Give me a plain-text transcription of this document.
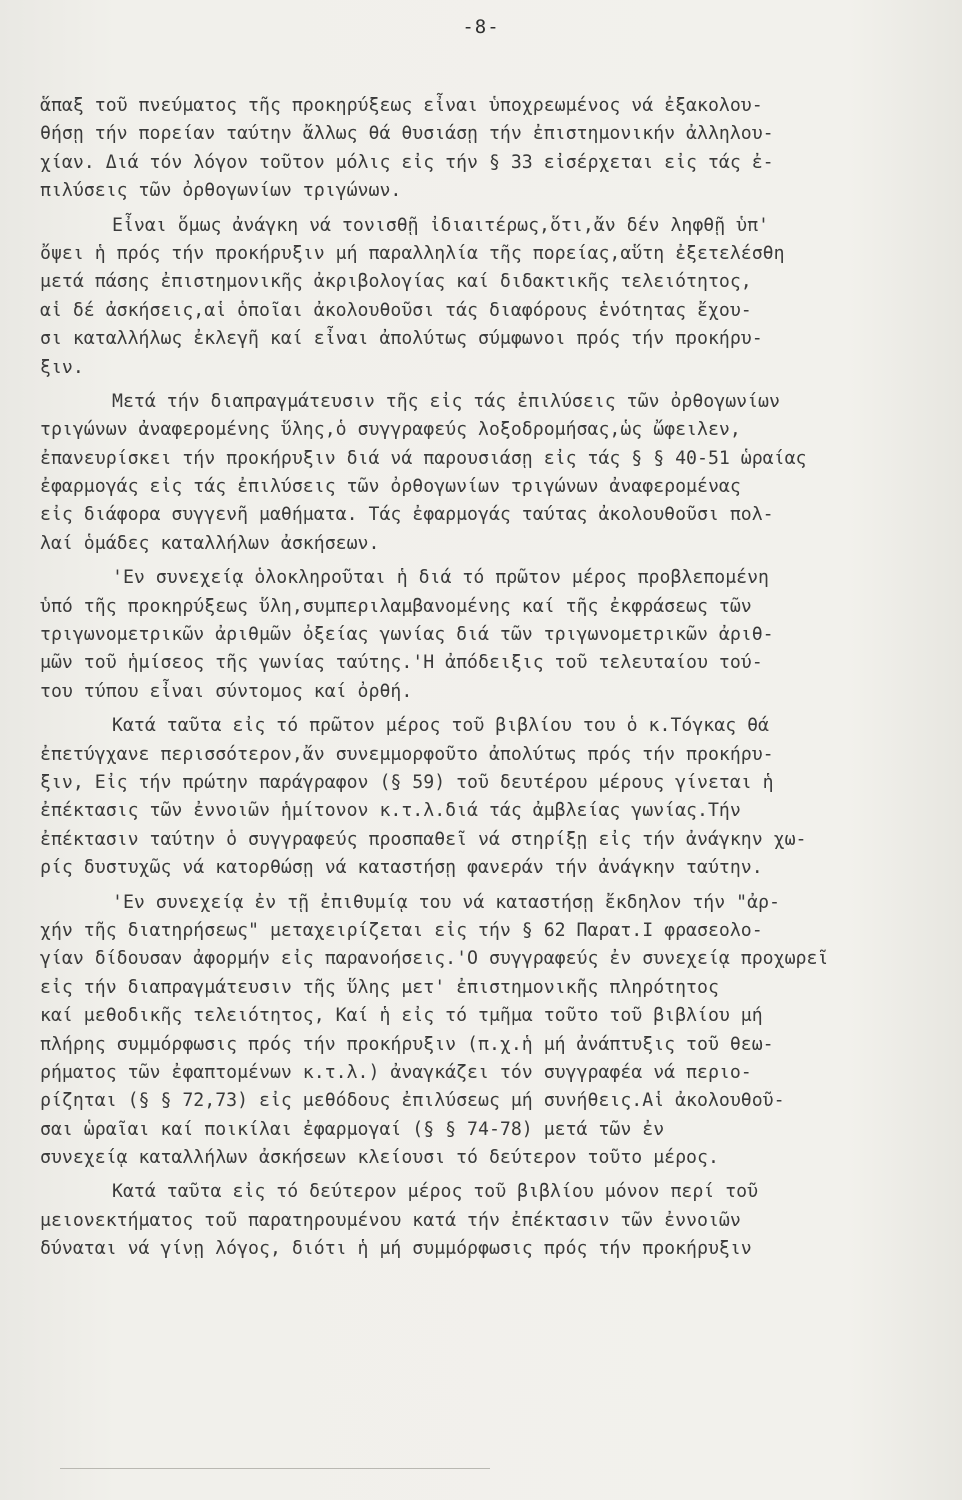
-8-
ἅπαξ τοῦ πνεύματος τῆς προκηρύξεως εἶναι ὑποχρεωμένος νά ἐξακολου-
θήσῃ τήν πορείαν ταύτην ἄλλως θά θυσιάσῃ τήν ἐπιστημονικήν ἀλληλου-
χίαν. Διά τόν λόγον τοῦτον μόλις εἰς τήν § 33 εἰσέρχεται εἰς τάς ἐ-
πιλύσεις τῶν ὀρθογωνίων τριγώνων.
Εἶναι ὅμως ἀνάγκη νά τονισθῇ ἰδιαιτέρως,ὅτι,ἄν δέν ληφθῇ ὑπ'
ὄψει ἡ πρός τήν προκήρυξιν μή παραλληλία τῆς πορείας,αὕτη ἐξετελέσθη
μετά πάσης ἐπιστημονικῆς ἀκριβολογίας καί διδακτικῆς τελειότητος,
αἱ δέ ἀσκήσεις,αἱ ὁποῖαι ἀκολουθοῦσι τάς διαφόρους ἑνότητας ἔχου-
σι καταλλήλως ἐκλεγῆ καί εἶναι ἀπολύτως σύμφωνοι πρός τήν προκήρυ-
ξιν.
Μετά τήν διαπραγμάτευσιν τῆς εἰς τάς ἐπιλύσεις τῶν ὀρθογωνίων
τριγώνων ἀναφερομένης ὕλης,ὁ συγγραφεύς λοξοδρομήσας,ὡς ὤφειλεν,
ἐπανευρίσκει τήν προκήρυξιν διά νά παρουσιάσῃ εἰς τάς § § 40-51 ὡραίας
ἐφαρμογάς εἰς τάς ἐπιλύσεις τῶν ὀρθογωνίων τριγώνων ἀναφερομένας
εἰς διάφορα συγγενῆ μαθήματα. Τάς ἐφαρμογάς ταύτας ἀκολουθοῦσι πολ-
λαί ὁμάδες καταλλήλων ἀσκήσεων.
'Εν συνεχείᾳ ὁλοκληροῦται ἡ διά τό πρῶτον μέρος προβλεπομένη
ὑπό τῆς προκηρύξεως ὕλη,συμπεριλαμβανομένης καί τῆς ἐκφράσεως τῶν
τριγωνομετρικῶν ἀριθμῶν ὀξείας γωνίας διά τῶν τριγωνομετρικῶν ἀριθ-
μῶν τοῦ ἡμίσεος τῆς γωνίας ταύτης.'Η ἀπόδειξις τοῦ τελευταίου τού-
του τύπου εἶναι σύντομος καί ὀρθή.
Κατά ταῦτα εἰς τό πρῶτον μέρος τοῦ βιβλίου του ὁ κ.Τόγκας θά
ἐπετύγχανε περισσότερον,ἄν συνεμμορφοῦτο ἀπολύτως πρός τήν προκήρυ-
ξιν, Εἰς τήν πρώτην παράγραφον (§ 59) τοῦ δευτέρου μέρους γίνεται ἡ
ἐπέκτασις τῶν ἐννοιῶν ἡμίτονον κ.τ.λ.διά τάς ἀμβλείας γωνίας.Τήν
ἐπέκτασιν ταύτην ὁ συγγραφεύς προσπαθεῖ νά στηρίξῃ εἰς τήν ἀνάγκην χω-
ρίς δυστυχῶς νά κατορθώσῃ νά καταστήσῃ φανεράν τήν ἀνάγκην ταύτην.
'Εν συνεχείᾳ ἐν τῇ ἐπιθυμίᾳ του νά καταστήσῃ ἔκδηλον τήν "ἀρ-
χήν τῆς διατηρήσεως" μεταχειρίζεται εἰς τήν § 62 Παρατ.Ι φρασεολο-
γίαν δίδουσαν ἀφορμήν εἰς παρανοήσεις.'Ο συγγραφεύς ἐν συνεχείᾳ προχωρεῖ
εἰς τήν διαπραγμάτευσιν τῆς ὕλης μετ' ἐπιστημονικῆς πληρότητος
καί μεθοδικῆς τελειότητος, Καί ἡ εἰς τό τμῆμα τοῦτο τοῦ βιβλίου μή
πλήρης συμμόρφωσις πρός τήν προκήρυξιν (π.χ.ἡ μή ἀνάπτυξις τοῦ θεω-
ρήματος τῶν ἐφαπτομένων κ.τ.λ.) ἀναγκάζει τόν συγγραφέα νά περιο-
ρίζηται (§ § 72,73) εἰς μεθόδους ἐπιλύσεως μή συνήθεις.Αἱ ἀκολουθοῦ-
σαι ὡραῖαι καί ποικίλαι ἐφαρμογαί (§ § 74-78) μετά τῶν ἐν
συνεχείᾳ καταλλήλων ἀσκήσεων κλείουσι τό δεύτερον τοῦτο μέρος.
Κατά ταῦτα εἰς τό δεύτερον μέρος τοῦ βιβλίου μόνον περί τοῦ
μειονεκτήματος τοῦ παρατηρουμένου κατά τήν ἐπέκτασιν τῶν ἐννοιῶν
δύναται νά γίνῃ λόγος, διότι ἡ μή συμμόρφωσις πρός τήν προκήρυξιν
